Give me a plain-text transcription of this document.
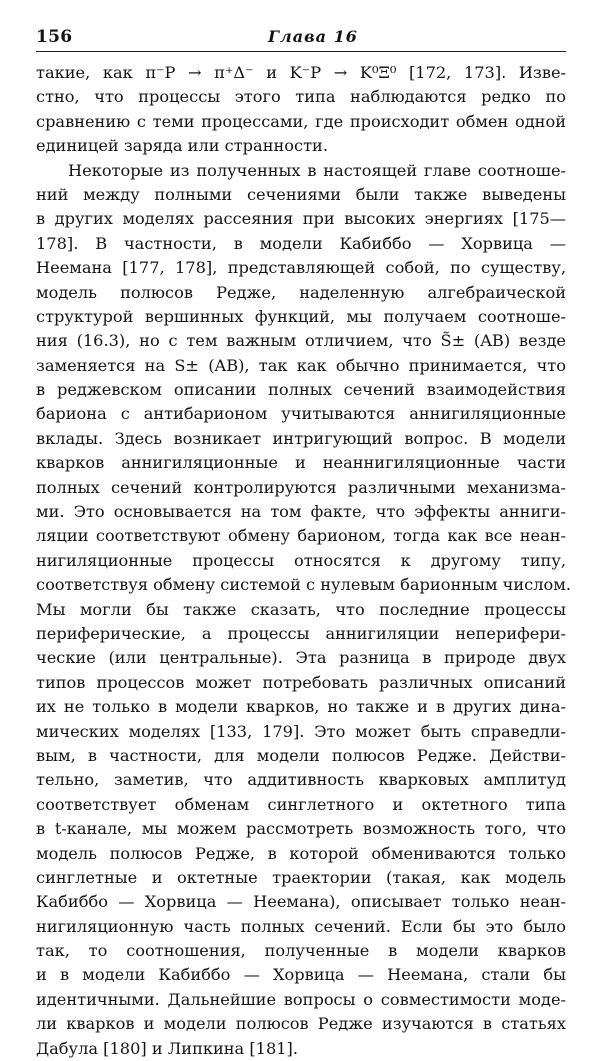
156	Глава 16
такие, как π⁻P → π⁺Δ⁻ и K⁻P → K⁰Ξ⁰ [172, 173]. Изве-
стно, что процессы этого типа наблюдаются редко по
сравнению с теми процессами, где происходит обмен одной
единицей заряда или странности.
Некоторые из полученных в настоящей главе соотноше-
ний между полными сечениями были также выведены
в других моделях рассеяния при высоких энергиях [175—
178]. В частности, в модели Кабиббо — Хорвица —
Неемана [177, 178], представляющей собой, по существу,
модель полюсов Редже, наделенную алгебраической
структурой вершинных функций, мы получаем соотноше-
ния (16.3), но с тем важным отличием, что S̃± (AB) везде
заменяется на S± (AB), так как обычно принимается, что
в реджевском описании полных сечений взаимодействия
бариона с антибарионом учитываются аннигиляционные
вклады. Здесь возникает интригующий вопрос. В модели
кварков аннигиляционные и неаннигиляционные части
полных сечений контролируются различными механизма-
ми. Это основывается на том факте, что эффекты анниги-
ляции соответствуют обмену барионом, тогда как все неан-
нигиляционные процессы относятся к другому типу,
соответствуя обмену системой с нулевым барионным числом.
Мы могли бы также сказать, что последние процессы
периферические, а процессы аннигиляции неперифери-
ческие (или центральные). Эта разница в природе двух
типов процессов может потребовать различных описаний
их не только в модели кварков, но также и в других дина-
мических моделях [133, 179]. Это может быть справедли-
вым, в частности, для модели полюсов Редже. Действи-
тельно, заметив, что аддитивность кварковых амплитуд
соответствует обменам синглетного и октетного типа
в t-канале, мы можем рассмотреть возможность того, что
модель полюсов Редже, в которой обмениваются только
синглетные и октетные траектории (такая, как модель
Кабиббо — Хорвица — Неемана), описывает только неан-
нигиляционную часть полных сечений. Если бы это было
так, то соотношения, полученные в модели кварков
и в модели Кабиббо — Хорвица — Неемана, стали бы
идентичными. Дальнейшие вопросы о совместимости моде-
ли кварков и модели полюсов Редже изучаются в статьях
Дабула [180] и Липкина [181].
